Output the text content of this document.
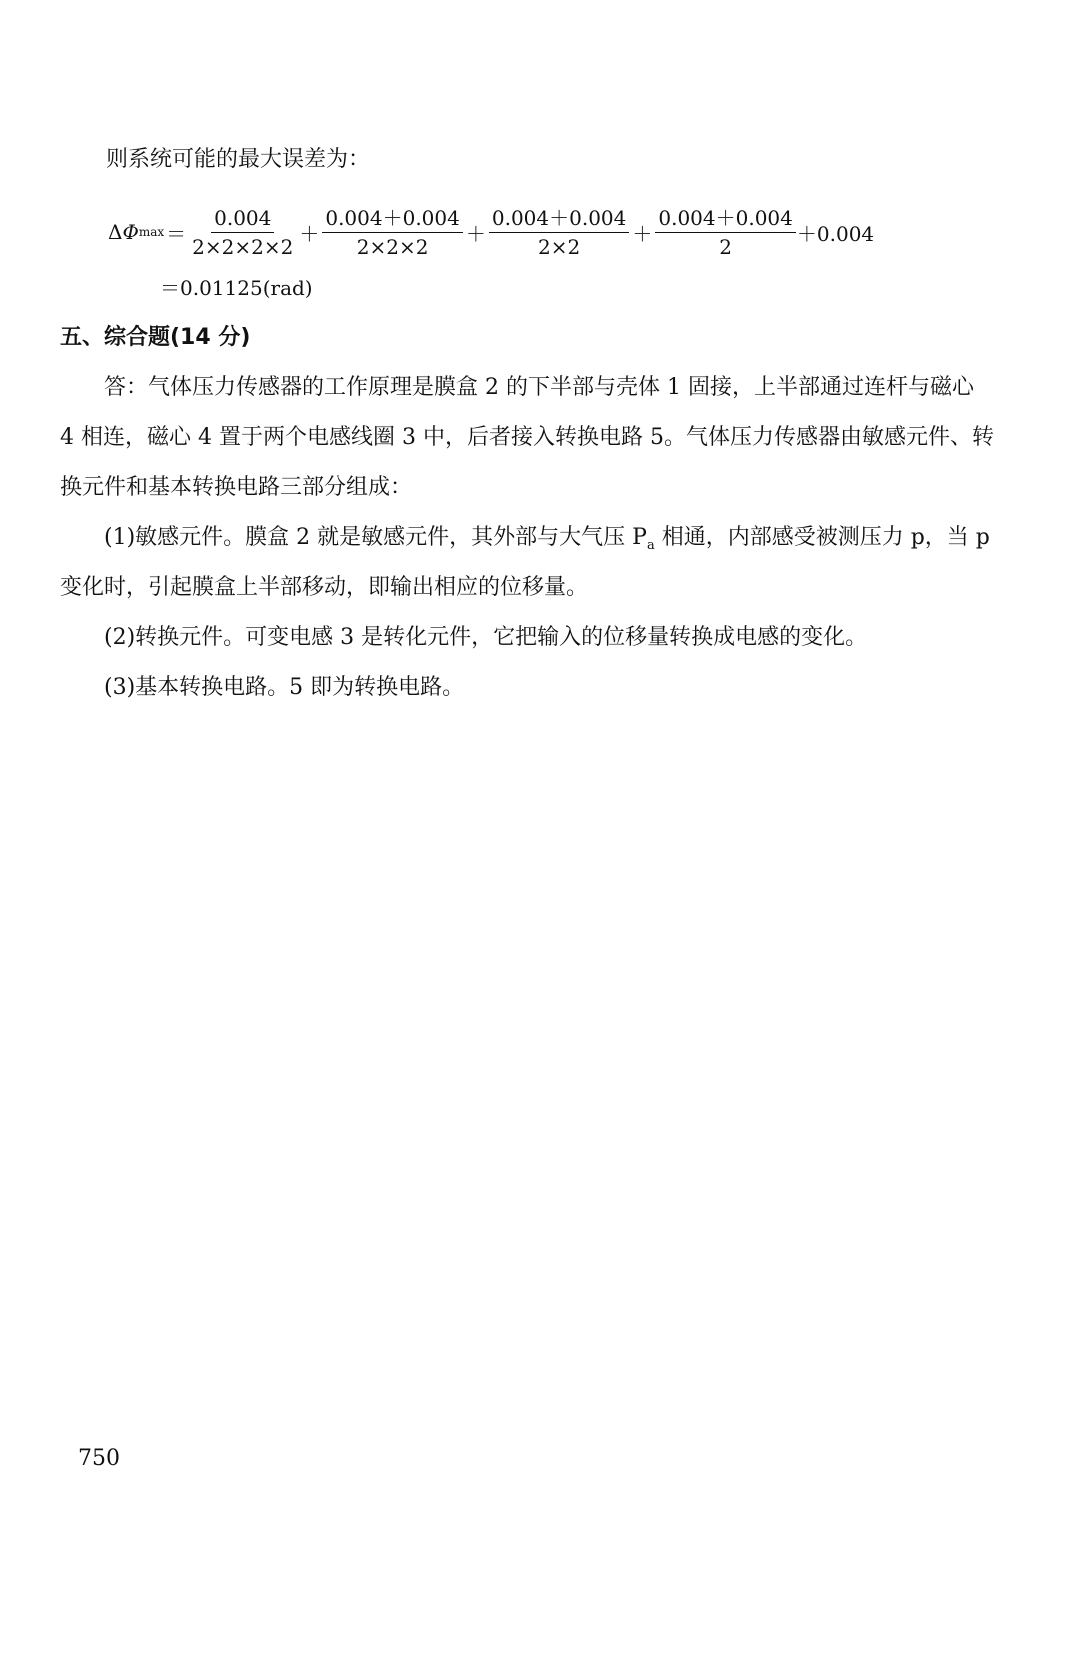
则系统可能的最大误差为：
Δ Φ $\max = \frac{0.004}{2\times 2\times 2\times 2} + \frac{0.004+0.004}{2\times 2\times 2} + \frac{0.004+0.004}{2\times 2} + \frac{0.004+0.004}{2} +0.004$
＝0.01125(rad)
五、综合题(14 分)
答：气体压力传感器的工作原理是膜盒 2 的下半部与壳体 1 固接，上半部通过连杆与磁心
4 相连，磁心 4 置于两个电感线圈 3 中，后者接入转换电路 5。气体压力传感器由敏感元件、转
换元件和基本转换电路三部分组成：
(1)敏感元件。膜盒 2 就是敏感元件，其外部与大气压 $P_a$ 相通，内部感受被测压力 p，当 p
变化时，引起膜盒上半部移动，即输出相应的位移量。
(2)转换元件。可变电感 3 是转化元件，它把输入的位移量转换成电感的变化。
(3)基本转换电路。5 即为转换电路。
750
